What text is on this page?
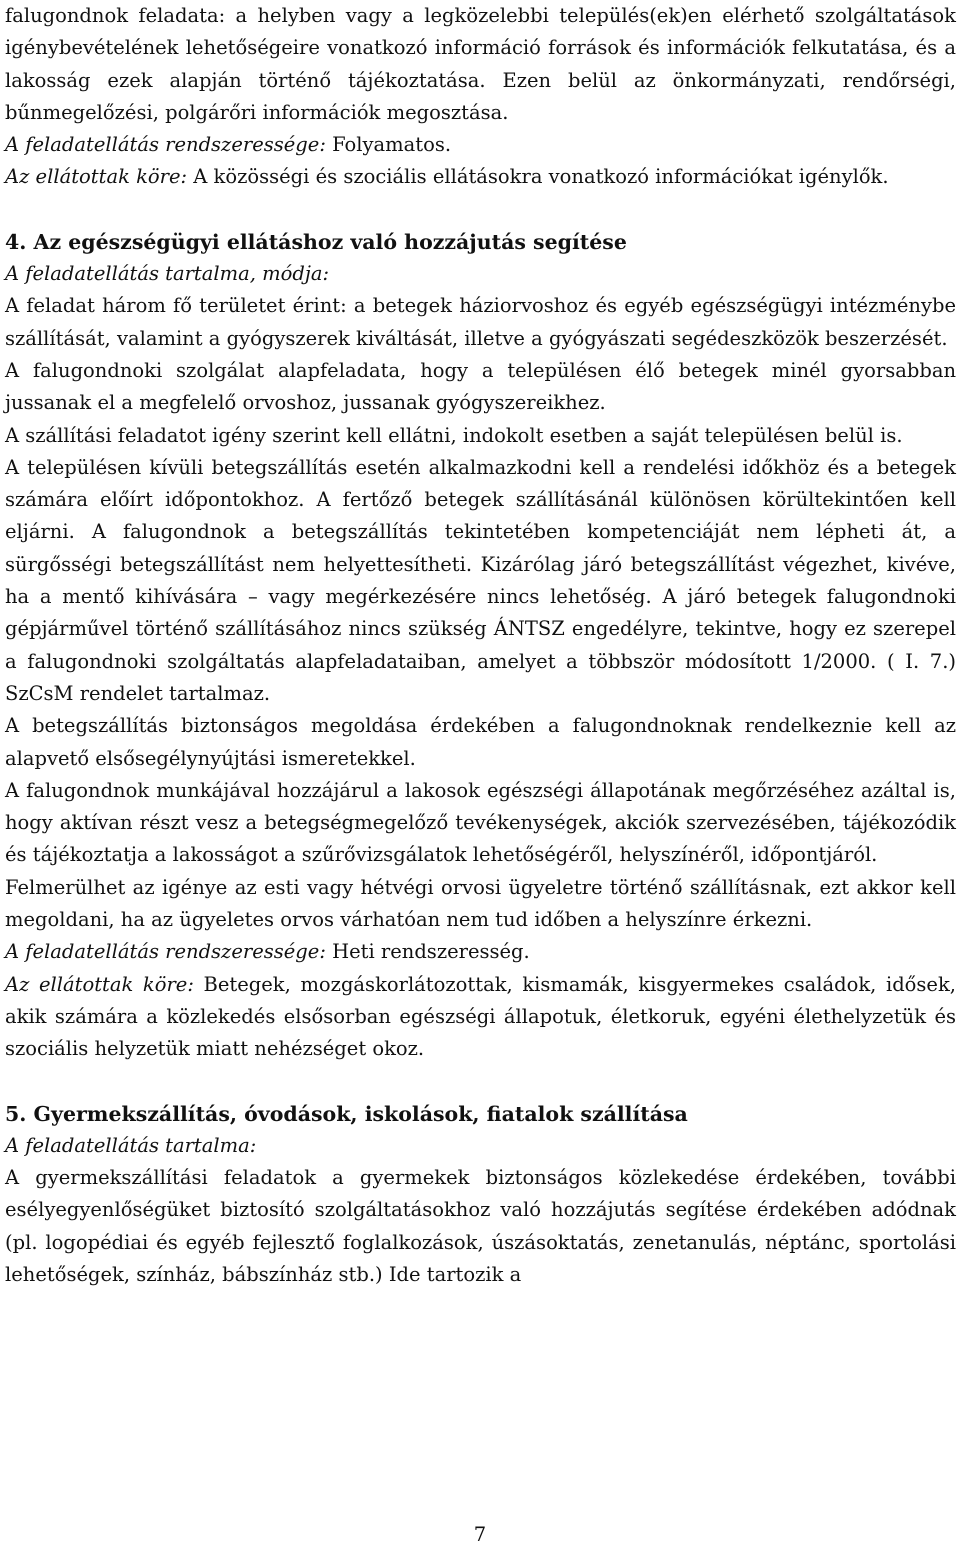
falugondnok feladata: a helyben vagy a legközelebbi település(ek)en elérhető szolgáltatások igénybevételének lehetőségeire vonatkozó információ források és információk felkutatása, és a lakosság ezek alapján történő tájékoztatása. Ezen belül az önkormányzati, rendőrségi, bűnmegelőzési, polgárőri információk megosztása.

A feladatellátás rendszeressége: Folyamatos.

Az ellátottak köre: A közösségi és szociális ellátásokra vonatkozó információkat igénylők.

4. Az egészségügyi ellátáshoz való hozzájutás segítése

A feladatellátás tartalma, módja:

A feladat három fő területet érint: a betegek háziorvoshoz és egyéb egészségügyi intézménybe szállítását, valamint a gyógyszerek kiváltását, illetve a gyógyászati segédeszközök beszerzését.

A falugondnoki szolgálat alapfeladata, hogy a településen élő betegek minél gyorsabban jussanak el a megfelelő orvoshoz, jussanak gyógyszereikhez.

A szállítási feladatot igény szerint kell ellátni, indokolt esetben a saját településen belül is.

A településen kívüli betegszállítás esetén alkalmazkodni kell a rendelési időkhöz és a betegek számára előírt időpontokhoz. A fertőző betegek szállításánál különösen körültekintően kell eljárni. A falugondnok a betegszállítás tekintetében kompetenciáját nem lépheti át, a sürgősségi betegszállítást nem helyettesítheti. Kizárólag járó betegszállítást végezhet, kivéve, ha a mentő kihívására – vagy megérkezésére nincs lehetőség. A járó betegek falugondnoki gépjárművel történő szállításához nincs szükség ÁNTSZ engedélyre, tekintve, hogy ez szerepel a falugondnoki szolgáltatás alapfeladataiban, amelyet a többször módosított 1/2000. ( I. 7.) SzCsM rendelet tartalmaz.

A betegszállítás biztonságos megoldása érdekében a falugondnoknak rendelkeznie kell az alapvető elsősegélynyújtási ismeretekkel.

A falugondnok munkájával hozzájárul a lakosok egészségi állapotának megőrzéséhez azáltal is, hogy aktívan részt vesz a betegségmegelőző tevékenységek, akciók szervezésében, tájékozódik és tájékoztatja a lakosságot a szűrővizsgálatok lehetőségéről, helyszínéről, időpontjáról.

Felmerülhet az igénye az esti vagy hétvégi orvosi ügyeletre történő szállításnak, ezt akkor kell megoldani, ha az ügyeletes orvos várhatóan nem tud időben a helyszínre érkezni.

A feladatellátás rendszeressége: Heti rendszeresség.

Az ellátottak köre: Betegek, mozgáskorlátozottak, kismamák, kisgyermekes családok, idősek, akik számára a közlekedés elsősorban egészségi állapotuk, életkoruk, egyéni élethelyzetük és szociális helyzetük miatt nehézséget okoz.

5. Gyermekszállítás, óvodások, iskolások, fiatalok szállítása

A feladatellátás tartalma:

A gyermekszállítási feladatok a gyermekek biztonságos közlekedése érdekében, további esélyegyenlőségüket biztosító szolgáltatásokhoz való hozzájutás segítése érdekében adódnak (pl. logopédiai és egyéb fejlesztő foglalkozások, úszásoktatás, zenetanulás, néptánc, sportolási lehetőségek, színház, bábszínház stb.) Ide tartozik a

7
